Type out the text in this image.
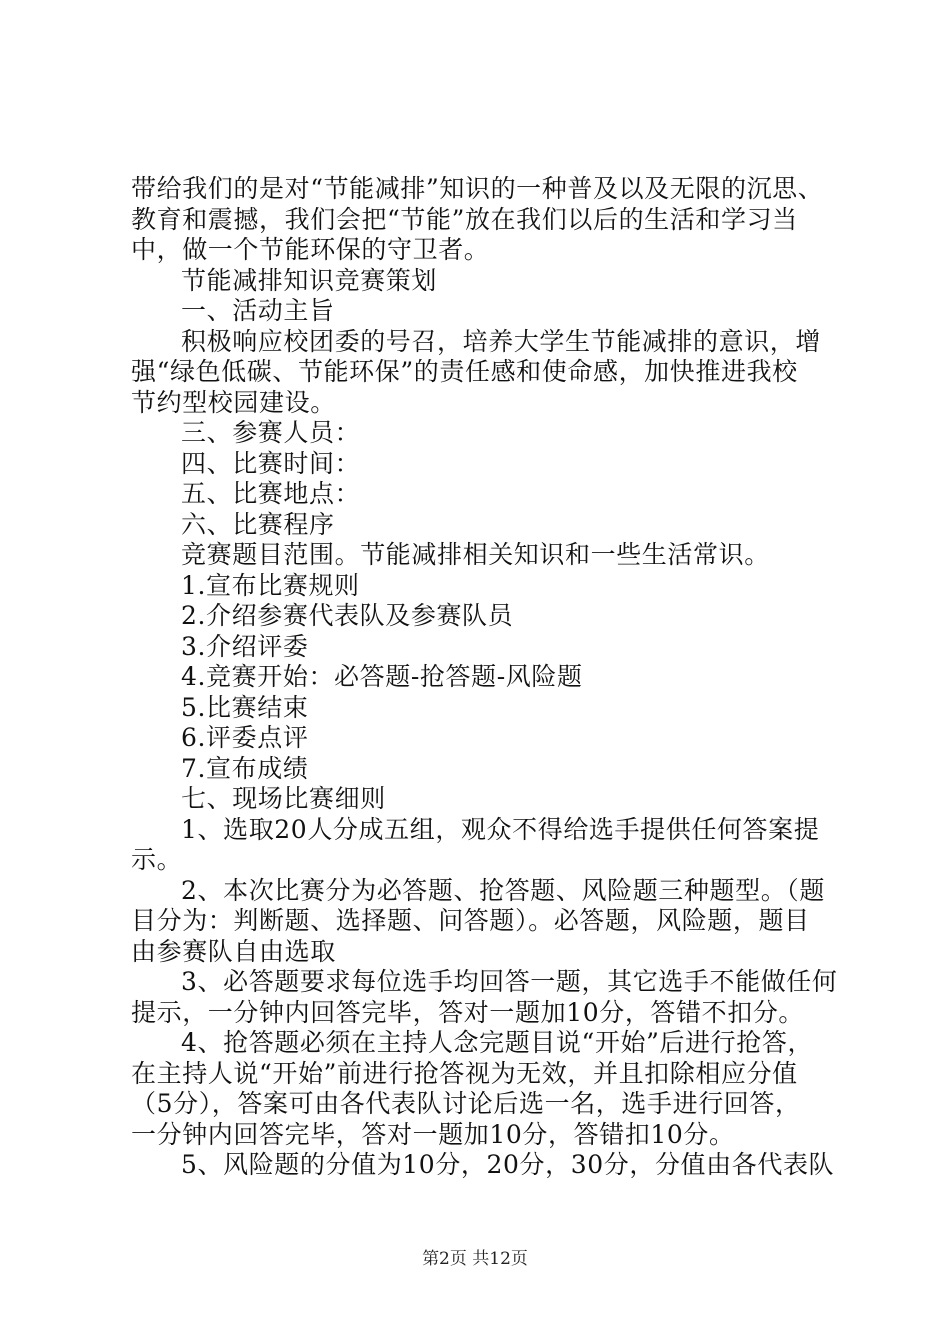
带给我们的是对“节能减排”知识的一种普及以及无限的沉思、
教育和震撼，我们会把“节能”放在我们以后的生活和学习当
中，做一个节能环保的守卫者。
节能减排知识竞赛策划
一、活动主旨
积极响应校团委的号召，培养大学生节能减排的意识，增
强“绿色低碳、节能环保”的责任感和使命感，加快推进我校
节约型校园建设。
三、参赛人员：
四、比赛时间：
五、比赛地点：
六、比赛程序
竞赛题目范围。节能减排相关知识和一些生活常识。
1.宣布比赛规则
2.介绍参赛代表队及参赛队员
3.介绍评委
4.竞赛开始：必答题-抢答题-风险题
5.比赛结束
6.评委点评
7.宣布成绩
七、现场比赛细则
1、选取20人分成五组，观众不得给选手提供任何答案提
示。
2、本次比赛分为必答题、抢答题、风险题三种题型。（题
目分为：判断题、选择题、问答题）。必答题，风险题，题目
由参赛队自由选取
3、必答题要求每位选手均回答一题，其它选手不能做任何
提示，一分钟内回答完毕，答对一题加10分，答错不扣分。
4、抢答题必须在主持人念完题目说“开始”后进行抢答，
在主持人说“开始”前进行抢答视为无效，并且扣除相应分值
（5分），答案可由各代表队讨论后选一名，选手进行回答，
一分钟内回答完毕，答对一题加10分，答错扣10分。
5、风险题的分值为10分，20分，30分，分值由各代表队
第2页 共12页
